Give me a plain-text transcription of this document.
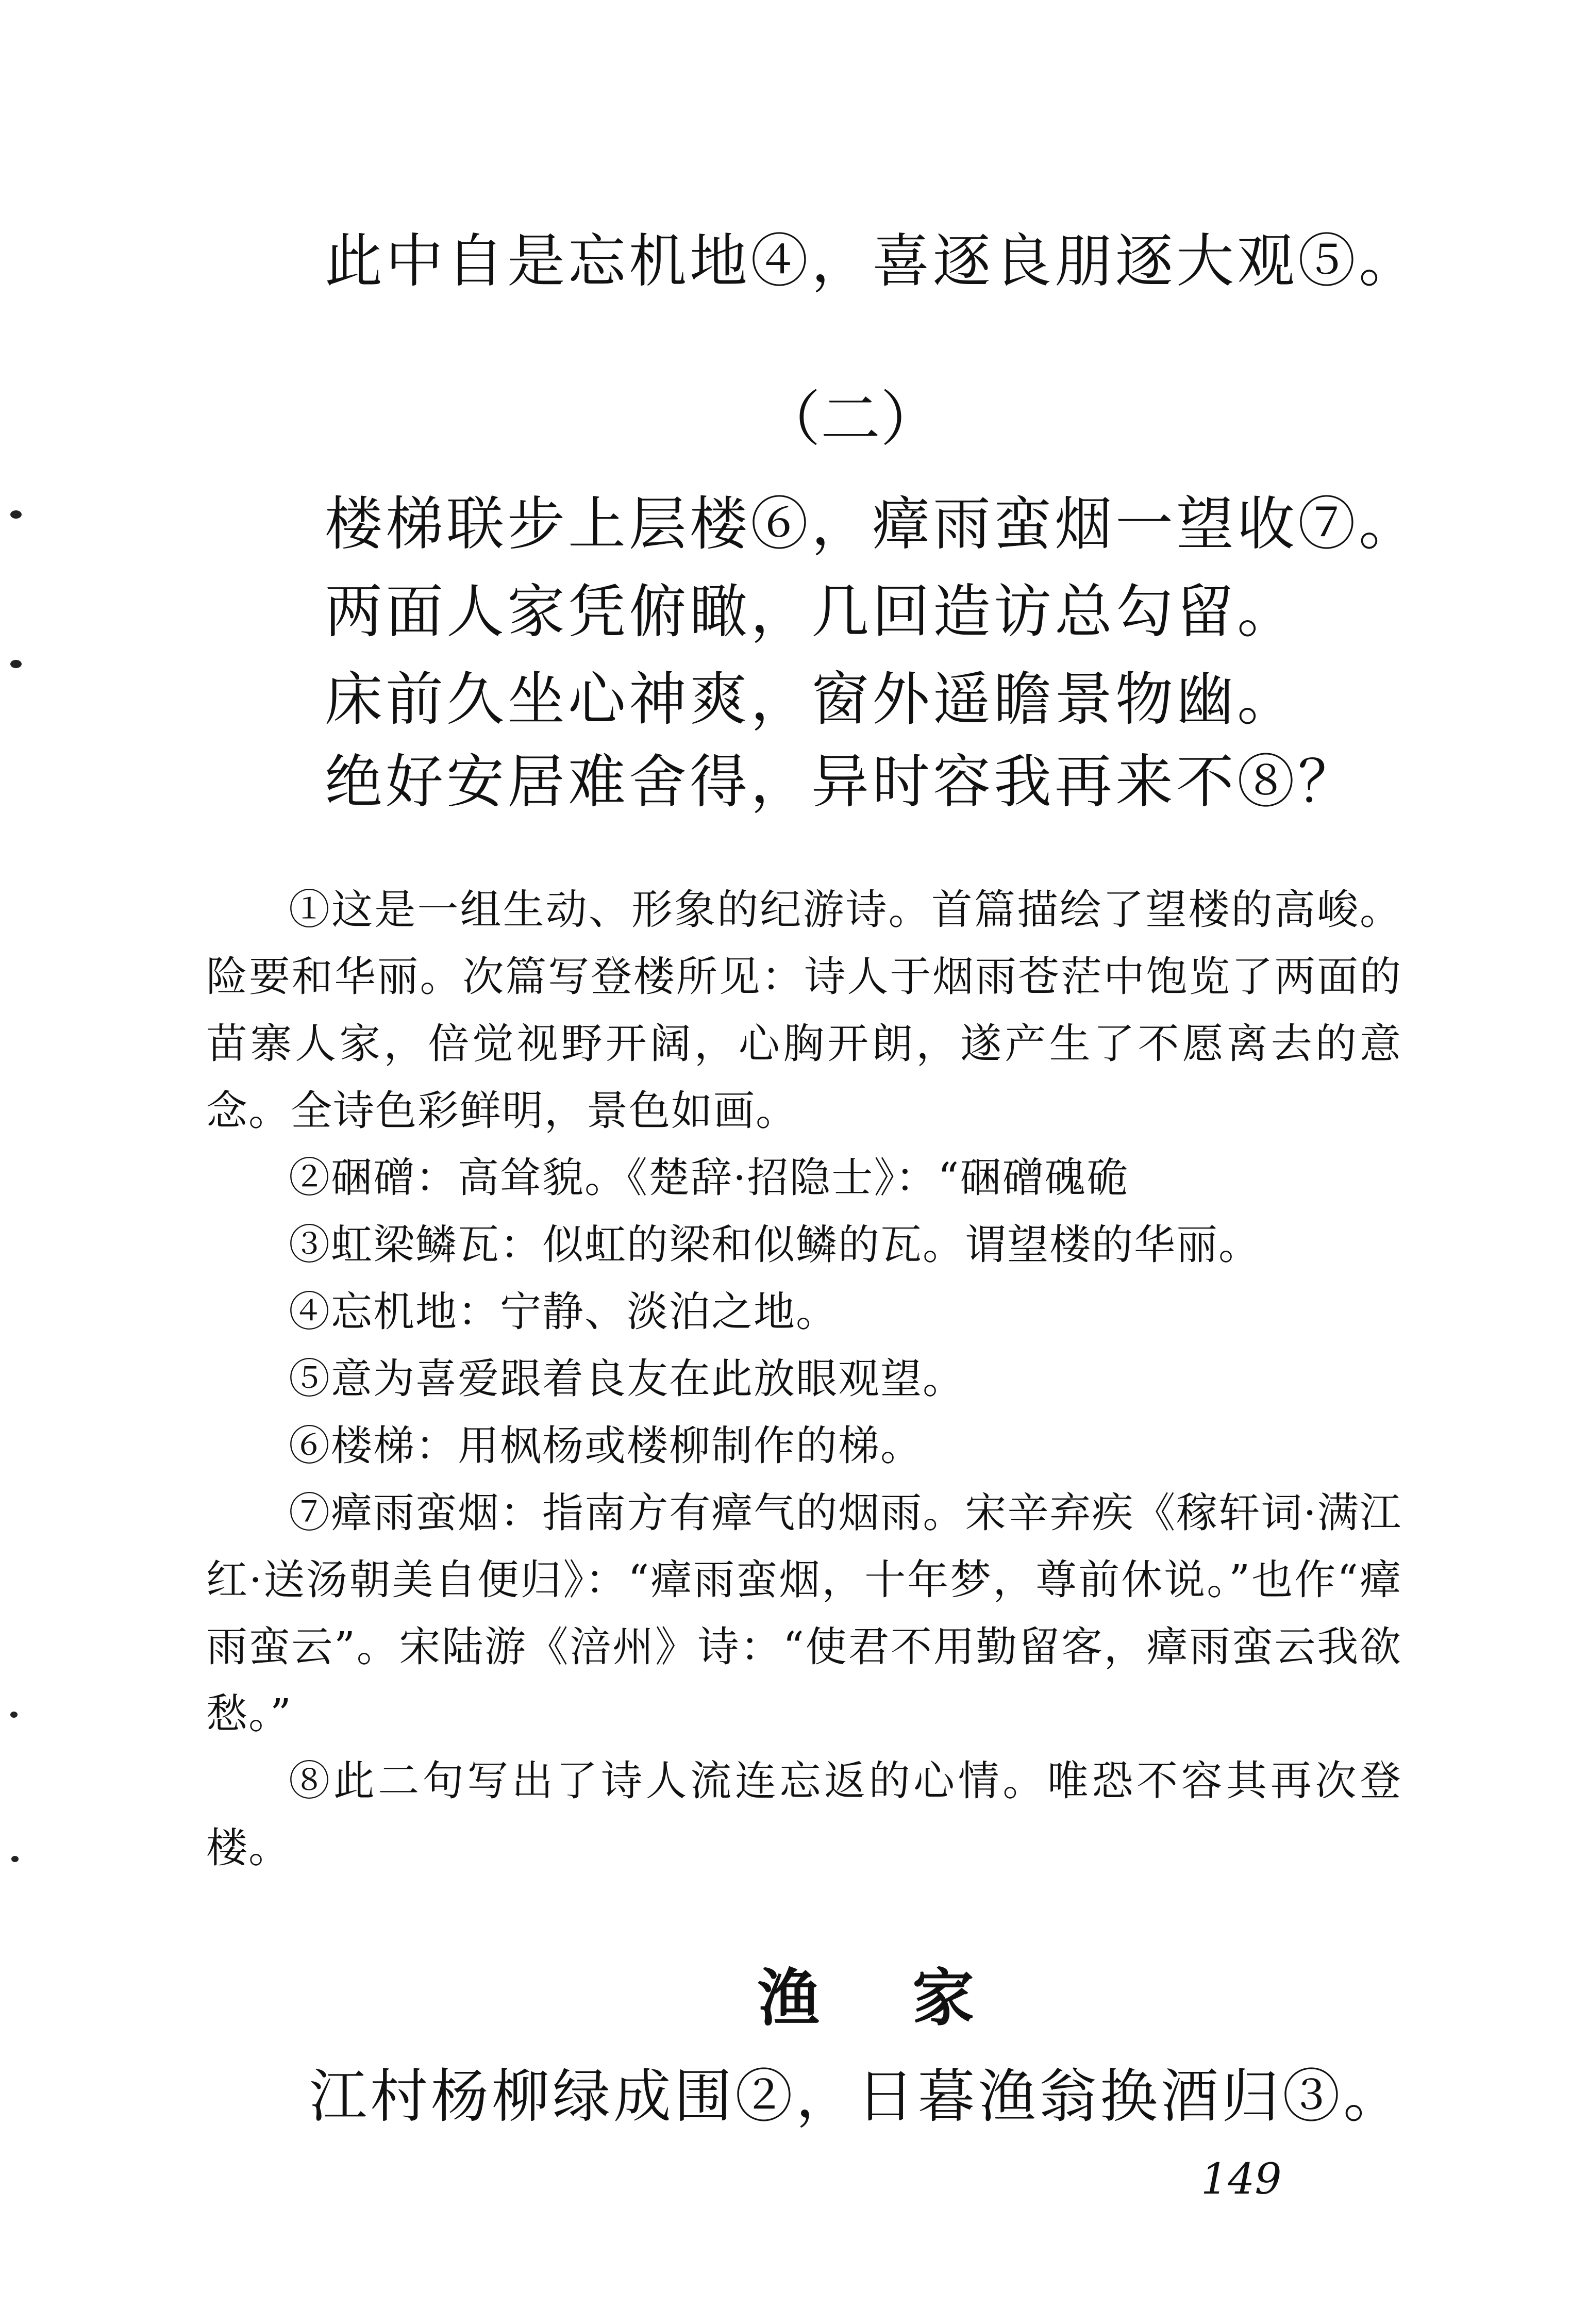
此中自是忘机地④，喜逐良朋逐大观⑤。
（二）
楼梯联步上层楼⑥，瘴雨蛮烟一望收⑦。
两面人家凭俯瞰，几回造访总勾留。
床前久坐心神爽，窗外遥瞻景物幽。
绝好安居难舍得，异时容我再来不⑧？
①这是一组生动、形象的纪游诗。首篇描绘了望楼的高峻。险要和华丽。次篇写登楼所见：诗人于烟雨苍茫中饱览了两面的苗寨人家，倍觉视野开阔，心胸开朗，遂产生了不愿离去的意念。全诗色彩鲜明，景色如画。
②硱磳：高耸貌。《楚辞·招隐士》：“硱磳磈硊
③虹梁鳞瓦：似虹的梁和似鳞的瓦。谓望楼的华丽。
④忘机地：宁静、淡泊之地。
⑤意为喜爱跟着良友在此放眼观望。
⑥楼梯：用枫杨或楼柳制作的梯。
⑦瘴雨蛮烟：指南方有瘴气的烟雨。宋辛弃疾《稼轩词·满江红·送汤朝美自便归》：“瘴雨蛮烟，十年梦，尊前休说。”也作“瘴雨蛮云”。宋陆游《涪州》诗：“使君不用勤留客，瘴雨蛮云我欲愁。”
⑧此二句写出了诗人流连忘返的心情。唯恐不容其再次登楼。
渔 家
江村杨柳绿成围②，日暮渔翁换酒归③。
149
